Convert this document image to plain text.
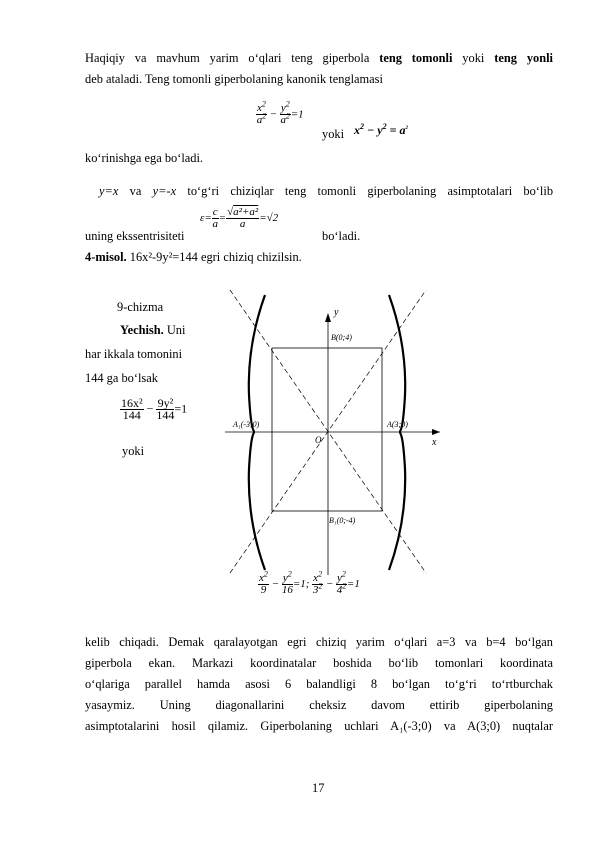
Haqiqiy va mavhum yarim o‘qlari teng giperbola teng tomonli yoki teng yonli
deb ataladi. Teng tomonli giperbolaning kanonik tenglamasi
$\frac{x^2}{a^2} - \frac{y^2}{a^2} =1$
yoki $x^2 - y^2 = a^2$
ko‘rinishga ega bo‘ladi.
y=x va y=-x to‘g‘ri chiziqlar teng tomonli giperbolaning asimptotalari bo‘lib
uning ekssentrisiteti
$\varepsilon= \frac{c}{a} = \frac{\text{√a²+a²}}{a} =√2$
bo‘ladi.
4-misol. 16x²-9y²=144 egri chiziq chizilsin.
9-chizma
Yechish. Uni
har ikkala tomonini
144 ga bo‘lsak
$\frac{\text{16x²}}{144} - \frac{\text{9y²}}{144} =1$
yoki
y
x
B(0;4)
B₁(0;-4)
A₁(-3;0)	A(3;0)
O
$\frac{x^2}{9} - \frac{y^2}{16} =1$; $\frac{x^2}{3^2} - \frac{y^2}{4^2} =1$
kelib chiqadi. Demak qaralayotgan egri chiziq yarim o‘qlari a=3 va b=4 bo‘lgan
giperbola ekan. Markazi koordinatalar boshida bo‘lib tomonlari koordinata
o‘qlariga parallel hamda asosi 6 balandligi 8 bo‘lgan to‘g‘ri to‘rtburchak
yasaymiz. Uning diagonallarini cheksiz davom ettirib giperbolaning
asimptotalarini hosil qilamiz. Giperbolaning uchlari A₁(-3;0) va A(3;0) nuqtalar
17
